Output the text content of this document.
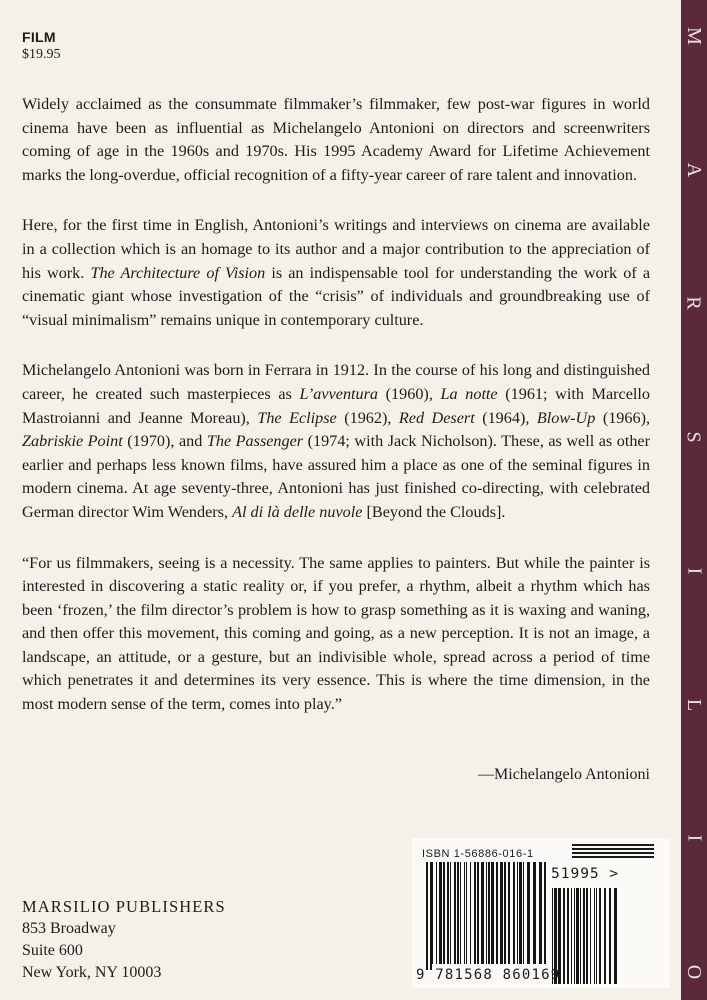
FILM
$19.95

Widely acclaimed as the consummate filmmaker’s filmmaker, few post-war figures in world cinema have been as influential as Michelangelo Antonioni on directors and screenwriters coming of age in the 1960s and 1970s. His 1995 Academy Award for Lifetime Achievement marks the long-overdue, official recognition of a fifty-year career of rare talent and innovation.

Here, for the first time in English, Antonioni’s writings and interviews on cinema are available in a collection which is an homage to its author and a major contribution to the appreciation of his work. The Architecture of Vision is an indispensable tool for understanding the work of a cinematic giant whose investigation of the “crisis” of individuals and groundbreaking use of “visual minimalism” remains unique in contemporary culture.

Michelangelo Antonioni was born in Ferrara in 1912. In the course of his long and distinguished career, he created such masterpieces as L’avventura (1960), La notte (1961; with Marcello Mastroianni and Jeanne Moreau), The Eclipse (1962), Red Desert (1964), Blow-Up (1966), Zabriskie Point (1970), and The Passenger (1974; with Jack Nicholson). These, as well as other earlier and perhaps less known films, have assured him a place as one of the seminal figures in modern cinema. At age seventy-three, Antonioni has just finished co-directing, with celebrated German director Wim Wenders, Al di là delle nuvole [Beyond the Clouds].

“For us filmmakers, seeing is a necessity. The same applies to painters. But while the painter is interested in discovering a static reality or, if you prefer, a rhythm, albeit a rhythm which has been ‘frozen,’ the film director’s problem is how to grasp something as it is waxing and waning, and then offer this movement, this coming and going, as a new perception. It is not an image, a landscape, an attitude, or a gesture, but an indivisible whole, spread across a period of time which penetrates it and determines its very essence. This is where the time dimension, in the most modern sense of the term, comes into play.”

—Michelangelo Antonioni
MARSILIO PUBLISHERS
853 Broadway
Suite 600
New York, NY 10003
ISBN 1-56886-016-1
51995 >
9 781568 860169
M
A
R
S
I
L
I
O
